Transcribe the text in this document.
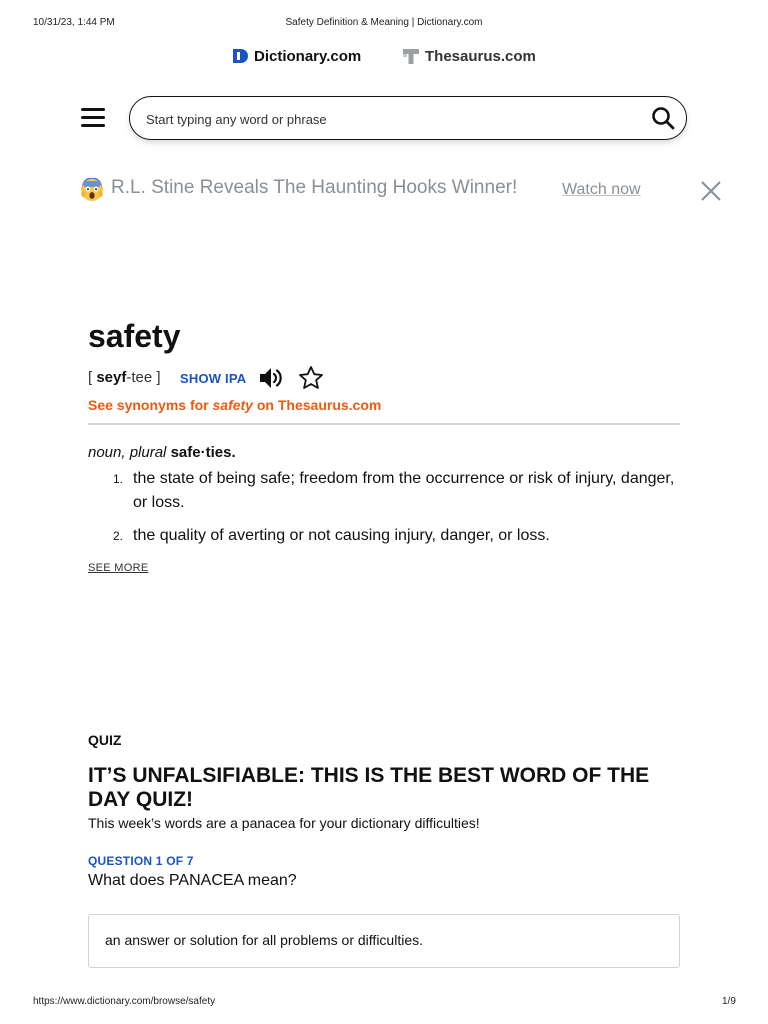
10/31/23, 1:44 PM	Safety Definition & Meaning | Dictionary.com
Dictionary.com	Thesaurus.com
Start typing any word or phrase
R.L. Stine Reveals The Haunting Hooks Winner!	Watch now
safety
[
seyf -tee
] SHOW IPA
See synonyms for safety on Thesaurus.com
noun, plural safe·ties.
1. the state of being safe; freedom from the occurrence or risk of injury, danger, or loss.
2. the quality of averting or not causing injury, danger, or loss.
SEE MORE
QUIZ
IT’S UNFALSIFIABLE: THIS IS THE BEST WORD OF THE DAY QUIZ!
This week’s words are a panacea for your dictionary difficulties!
QUESTION 1 OF 7
What does PANACEA mean?
an answer or solution for all problems or difficulties.
https://www.dictionary.com/browse/safety	1/9
